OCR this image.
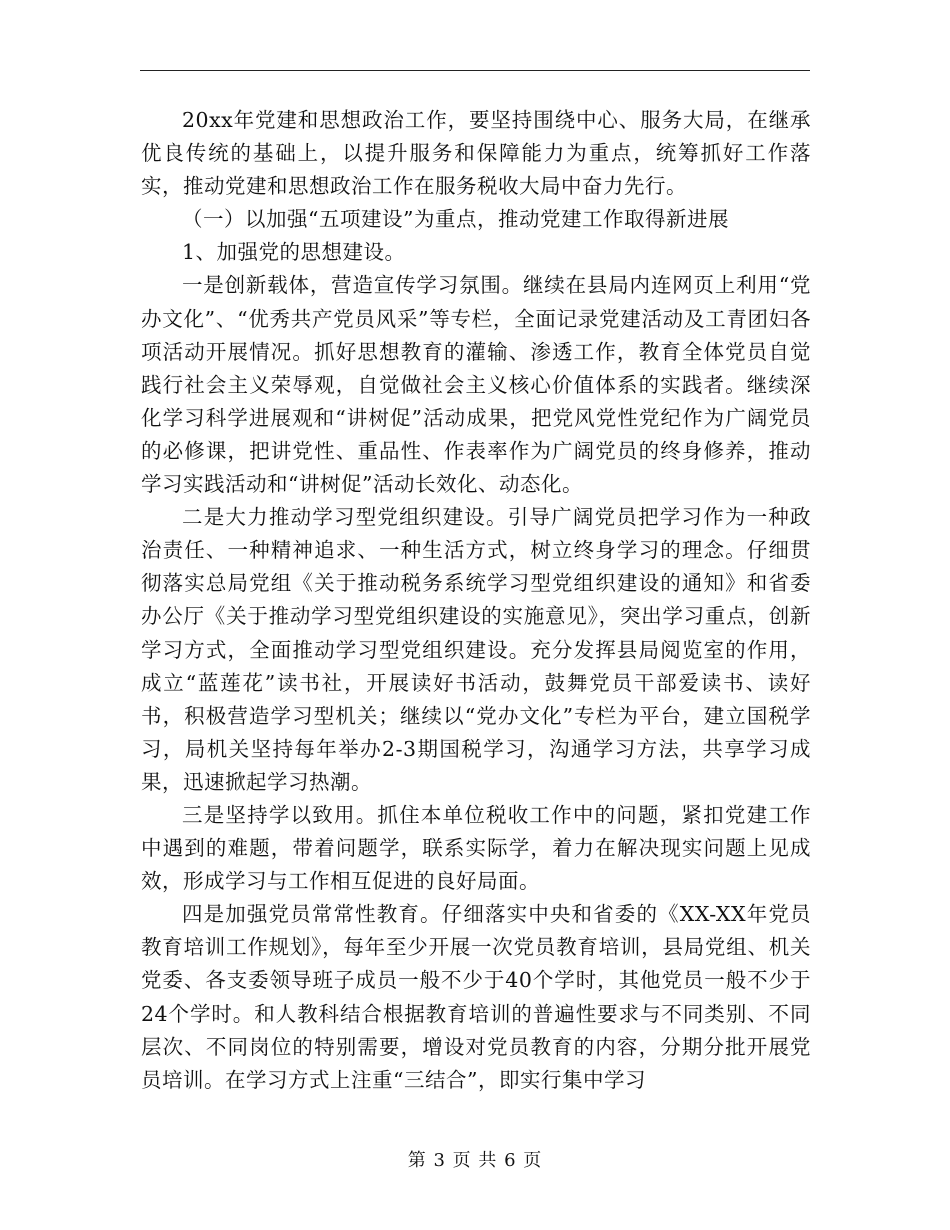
20xx年党建和思想政治工作，要坚持围绕中心、服务大局，在继承优良传统的基础上，以提升服务和保障能力为重点，统筹抓好工作落实，推动党建和思想政治工作在服务税收大局中奋力先行。

（一）以加强“五项建设”为重点，推动党建工作取得新进展

1、加强党的思想建设。

一是创新载体，营造宣传学习氛围。继续在县局内连网页上利用“党办文化”、“优秀共产党员风采”等专栏，全面记录党建活动及工青团妇各项活动开展情况。抓好思想教育的灌输、渗透工作，教育全体党员自觉践行社会主义荣辱观，自觉做社会主义核心价值体系的实践者。继续深化学习科学进展观和“讲树促”活动成果，把党风党性党纪作为广阔党员的必修课，把讲党性、重品性、作表率作为广阔党员的终身修养，推动学习实践活动和“讲树促”活动长效化、动态化。

二是大力推动学习型党组织建设。引导广阔党员把学习作为一种政治责任、一种精神追求、一种生活方式，树立终身学习的理念。仔细贯彻落实总局党组《关于推动税务系统学习型党组织建设的通知》和省委办公厅《关于推动学习型党组织建设的实施意见》，突出学习重点，创新学习方式，全面推动学习型党组织建设。充分发挥县局阅览室的作用，成立“蓝莲花”读书社，开展读好书活动，鼓舞党员干部爱读书、读好书，积极营造学习型机关；继续以“党办文化”专栏为平台，建立国税学习，局机关坚持每年举办2-3期国税学习，沟通学习方法，共享学习成果，迅速掀起学习热潮。

三是坚持学以致用。抓住本单位税收工作中的问题，紧扣党建工作中遇到的难题，带着问题学，联系实际学，着力在解决现实问题上见成效，形成学习与工作相互促进的良好局面。

四是加强党员常常性教育。仔细落实中央和省委的《XX-XX年党员教育培训工作规划》，每年至少开展一次党员教育培训，县局党组、机关党委、各支委领导班子成员一般不少于40个学时，其他党员一般不少于24个学时。和人教科结合根据教育培训的普遍性要求与不同类别、不同层次、不同岗位的特别需要，增设对党员教育的内容，分期分批开展党员培训。在学习方式上注重“三结合”，即实行集中学习

第 3 页 共 6 页
